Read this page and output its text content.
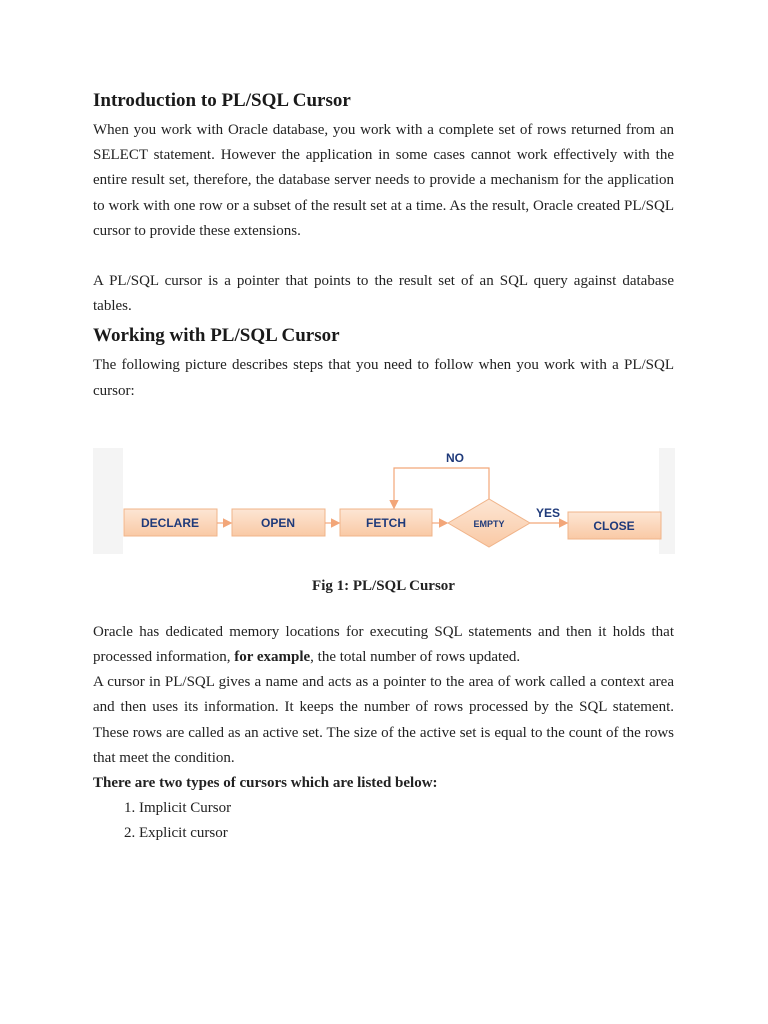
Introduction to PL/SQL Cursor

When you work with Oracle database, you work with a complete set of rows returned from an SELECT statement. However the application in some cases cannot work effectively with the entire result set, therefore, the database server needs to provide a mechanism for the application to work with one row or a subset of the result set at a time. As the result, Oracle created PL/SQL cursor to provide these extensions.

A PL/SQL cursor is a pointer that points to the result set of an SQL query against database tables.

Working with PL/SQL Cursor

The following picture describes steps that you need to follow when you work with a PL/SQL cursor:

DECLARE	OPEN	FETCH	EMPTY	CLOSE
NO
YES
Fig 1: PL/SQL Cursor

Oracle has dedicated memory locations for executing SQL statements and then it holds that processed information, for example, the total number of rows updated.

A cursor in PL/SQL gives a name and acts as a pointer to the area of work called a context area and then uses its information. It keeps the number of rows processed by the SQL statement. These rows are called as an active set. The size of the active set is equal to the count of the rows that meet the condition.

There are two types of cursors which are listed below:

1. Implicit Cursor
2. Explicit cursor
